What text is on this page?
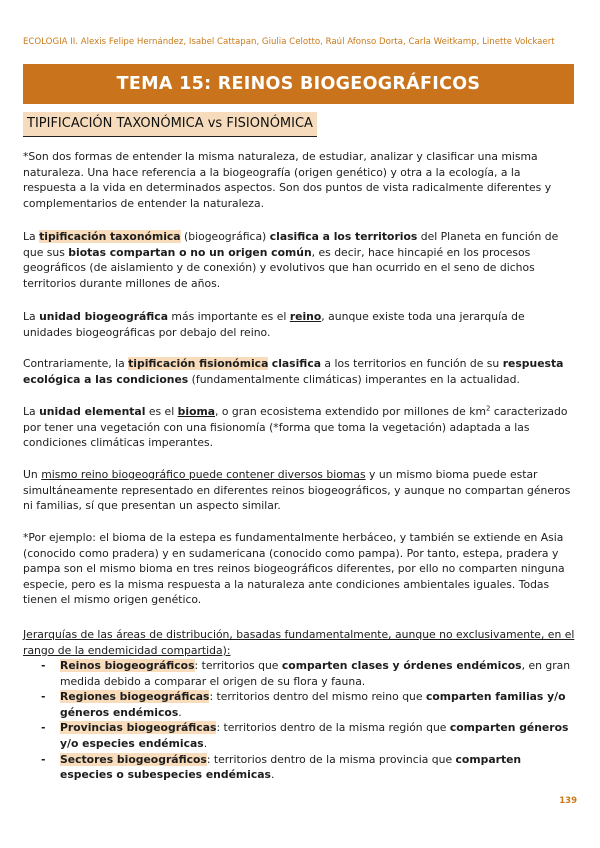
ECOLOGÍA II. Alexis Felipe Hernández, Isabel Cattapan, Giulia Celotto, Raúl Afonso Dorta, Carla Weitkamp, Linette Volckaert
TEMA 15: REINOS BIOGEOGRÁFICOS
TIPIFICACIÓN TAXONÓMICA vs FISIONÓMICA

*Son dos formas de entender la misma naturaleza, de estudiar, analizar y clasificar una misma naturaleza. Una hace referencia a la biogeografía (origen genético) y otra a la ecología, a la respuesta a la vida en determinados aspectos. Son dos puntos de vista radicalmente diferentes y complementarios de entender la naturaleza.

La tipificación taxonómica (biogeográfica) clasifica a los territorios del Planeta en función de que sus biotas compartan o no un origen común, es decir, hace hincapié en los procesos geográficos (de aislamiento y de conexión) y evolutivos que han ocurrido en el seno de dichos territorios durante millones de años.

La unidad biogeográfica más importante es el reino, aunque existe toda una jerarquía de unidades biogeográficas por debajo del reino.

Contrariamente, la tipificación fisionómica clasifica a los territorios en función de su respuesta ecológica a las condiciones (fundamentalmente climáticas) imperantes en la actualidad.

La unidad elemental es el bioma, o gran ecosistema extendido por millones de $km^2$ caracterizado por tener una vegetación con una fisionomía (*forma que toma la vegetación) adaptada a las condiciones climáticas imperantes.

Un mismo reino biogeográfico puede contener diversos biomas y un mismo bioma puede estar simultáneamente representado en diferentes reinos biogeográficos, y aunque no compartan géneros ni familias, sí que presentan un aspecto similar.

*Por ejemplo: el bioma de la estepa es fundamentalmente herbáceo, y también se extiende en Asia (conocido como pradera) y en sudamericana (conocido como pampa). Por tanto, estepa, pradera y pampa son el mismo bioma en tres reinos biogeográficos diferentes, por ello no comparten ninguna especie, pero es la misma respuesta a la naturaleza ante condiciones ambientales iguales. Todas tienen el mismo origen genético.

Jerarquías de las áreas de distribución, basadas fundamentalmente, aunque no exclusivamente, en el rango de la endemicidad compartida):

- Reinos biogeográficos: territorios que comparten clases y órdenes endémicos, en gran medida debido a comparar el origen de su flora y fauna.
- Regiones biogeográficas: territorios dentro del mismo reino que comparten familias y/o géneros endémicos.
- Provincias biogeográficas: territorios dentro de la misma región que comparten géneros y/o especies endémicas.
- Sectores biogeográficos: territorios dentro de la misma provincia que comparten especies o subespecies endémicas.
139
